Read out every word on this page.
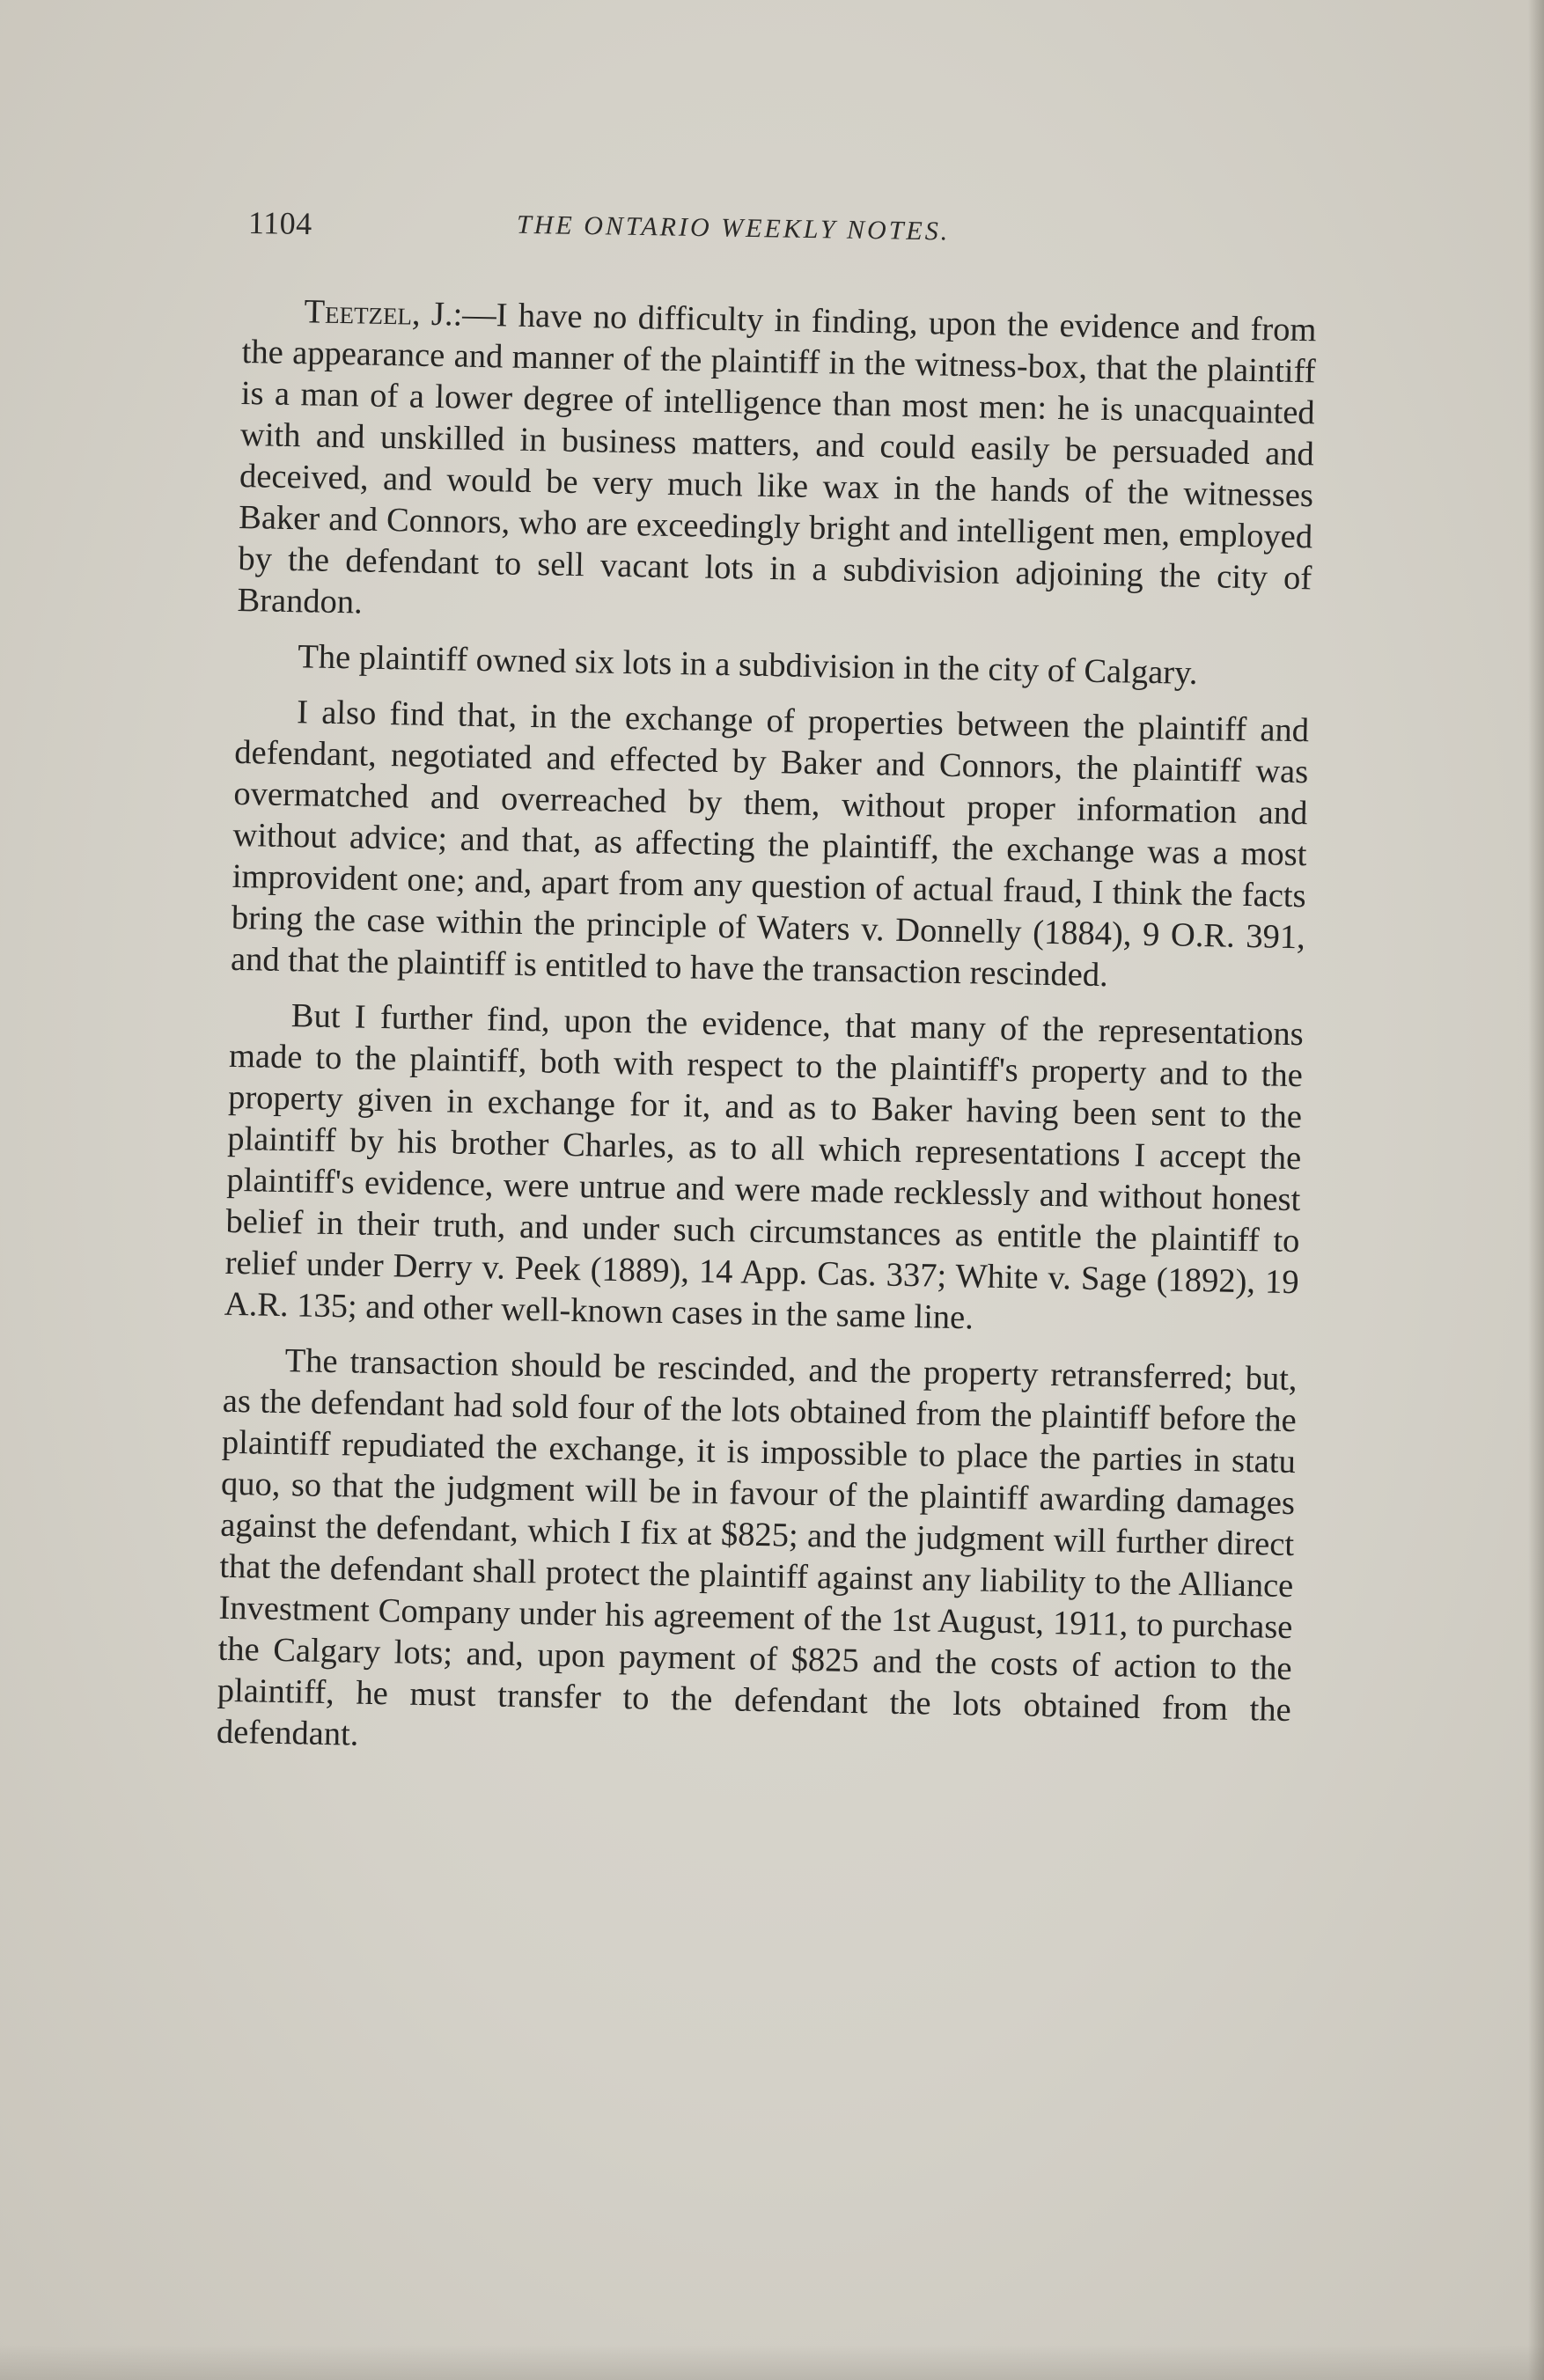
1104	THE ONTARIO WEEKLY NOTES.

Teetzel, J.:—I have no difficulty in finding, upon the evidence and from the appearance and manner of the plaintiff in the witness-box, that the plaintiff is a man of a lower degree of intelligence than most men: he is unacquainted with and unskilled in business matters, and could easily be persuaded and deceived, and would be very much like wax in the hands of the witnesses Baker and Connors, who are exceedingly bright and intelligent men, employed by the defendant to sell vacant lots in a subdivision adjoining the city of Brandon.

The plaintiff owned six lots in a subdivision in the city of Calgary.

I also find that, in the exchange of properties between the plaintiff and defendant, negotiated and effected by Baker and Connors, the plaintiff was overmatched and overreached by them, without proper information and without advice; and that, as affecting the plaintiff, the exchange was a most improvident one; and, apart from any question of actual fraud, I think the facts bring the case within the principle of Waters v. Donnelly (1884), 9 O.R. 391, and that the plaintiff is entitled to have the transaction rescinded.

But I further find, upon the evidence, that many of the representations made to the plaintiff, both with respect to the plaintiff's property and to the property given in exchange for it, and as to Baker having been sent to the plaintiff by his brother Charles, as to all which representations I accept the plaintiff's evidence, were untrue and were made recklessly and without honest belief in their truth, and under such circumstances as entitle the plaintiff to relief under Derry v. Peek (1889), 14 App. Cas. 337; White v. Sage (1892), 19 A.R. 135; and other well-known cases in the same line.

The transaction should be rescinded, and the property retransferred; but, as the defendant had sold four of the lots obtained from the plaintiff before the plaintiff repudiated the exchange, it is impossible to place the parties in statu quo, so that the judgment will be in favour of the plaintiff awarding damages against the defendant, which I fix at $825; and the judgment will further direct that the defendant shall protect the plaintiff against any liability to the Alliance Investment Company under his agreement of the 1st August, 1911, to purchase the Calgary lots; and, upon payment of $825 and the costs of action to the plaintiff, he must transfer to the defendant the lots obtained from the defendant.
